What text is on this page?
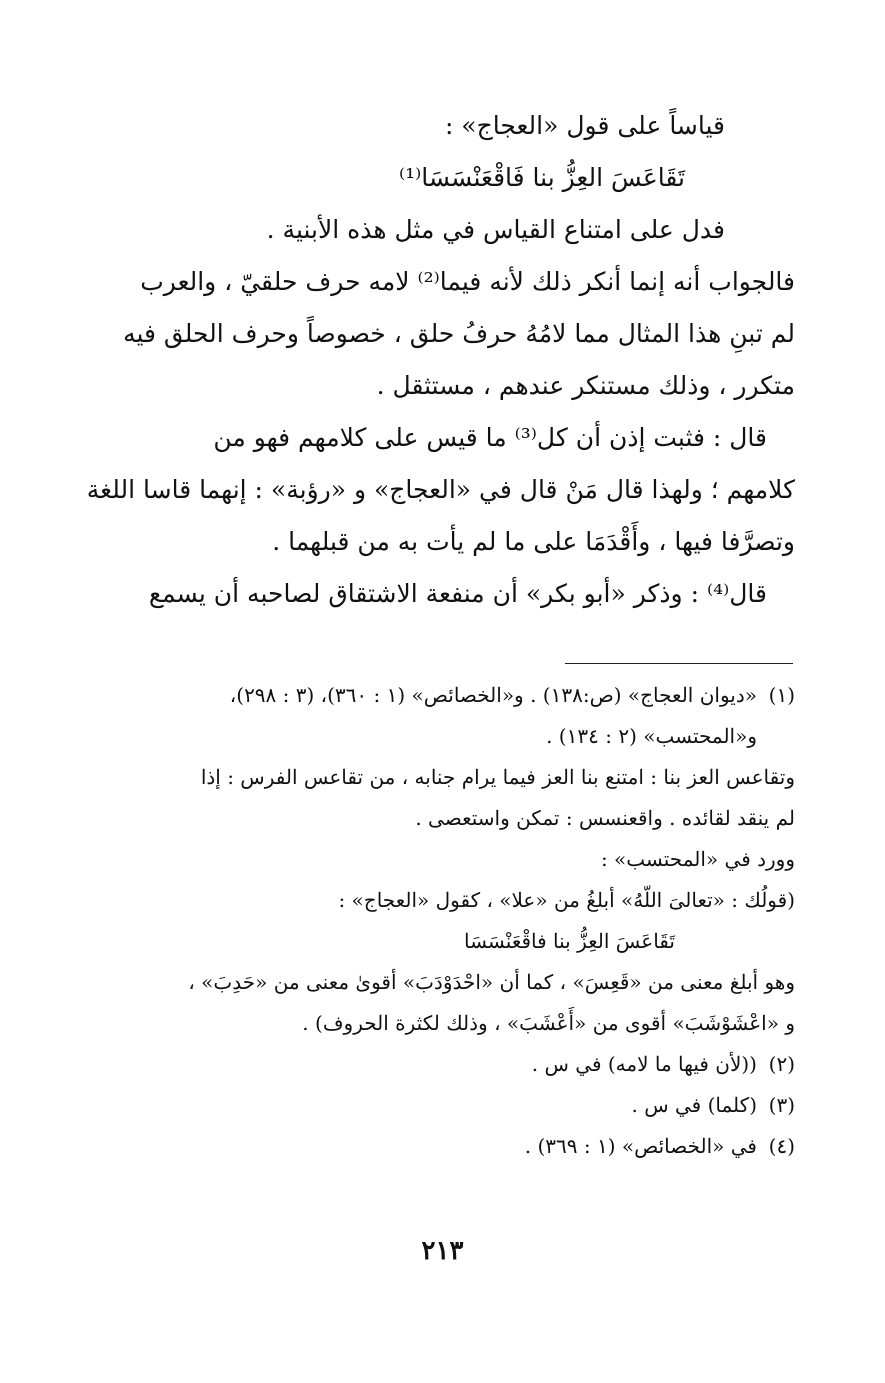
قياساً على قول «العجاج» :
تَقَاعَسَ العِزُّ بنا فَاقْعَنْسَسَا⁽¹⁾
فدل على امتناع القياس في مثل هذه الأبنية .
فالجواب أنه إنما أنكر ذلك لأنه فيما⁽²⁾ لامه حرف حلقيّ ، والعرب
لم تبنِ هذا المثال مما لامُهُ حرفُ حلق ، خصوصاً وحرف الحلق فيه
متكرر ، وذلك مستنكر عندهم ، مستثقل .
قال : فثبت إذن أن كل⁽³⁾ ما قيس على كلامهم فهو من
كلامهم ؛ ولهذا قال مَنْ قال في «العجاج» و «رؤبة» : إنهما قاسا اللغة
وتصرَّفا فيها ، وأَقْدَمَا على ما لم يأت به من قبلهما .
قال⁽⁴⁾ : وذكر «أبو بكر» أن منفعة الاشتقاق لصاحبه أن يسمع
(١)«ديوان العجاج» (ص:١٣٨) . و«الخصائص» (١ : ٣٦٠)، (٣ : ٢٩٨)،
و«المحتسب» (٢ : ١٣٤) .
وتقاعس العز بنا : امتنع بنا العز فيما يرام جنابه ، من تقاعس الفرس : إذا
لم ينقد لقائده . واقعنسس : تمكن واستعصى .
وورد في «المحتسب» :
(قولُك : «تعالىَ اللّهُ» أبلغُ من «علا» ، كقول «العجاج» :
تَقَاعَسَ العِزُّ بنا فاقْعَنْسَسَا
وهو أبلغ معنى من «قَعِسَ» ، كما أن «احْدَوْدَبَ» أقوىٰ معنى من «حَدِبَ» ،
و «اعْشَوْشَبَ» أقوى من «أَعْشَبَ» ، وذلك لكثرة الحروف) .
(٢)((لأن فيها ما لامه) في س .
(٣)(كلما) في س .
(٤)في «الخصائص» (١ : ٣٦٩) .
٢١٣
